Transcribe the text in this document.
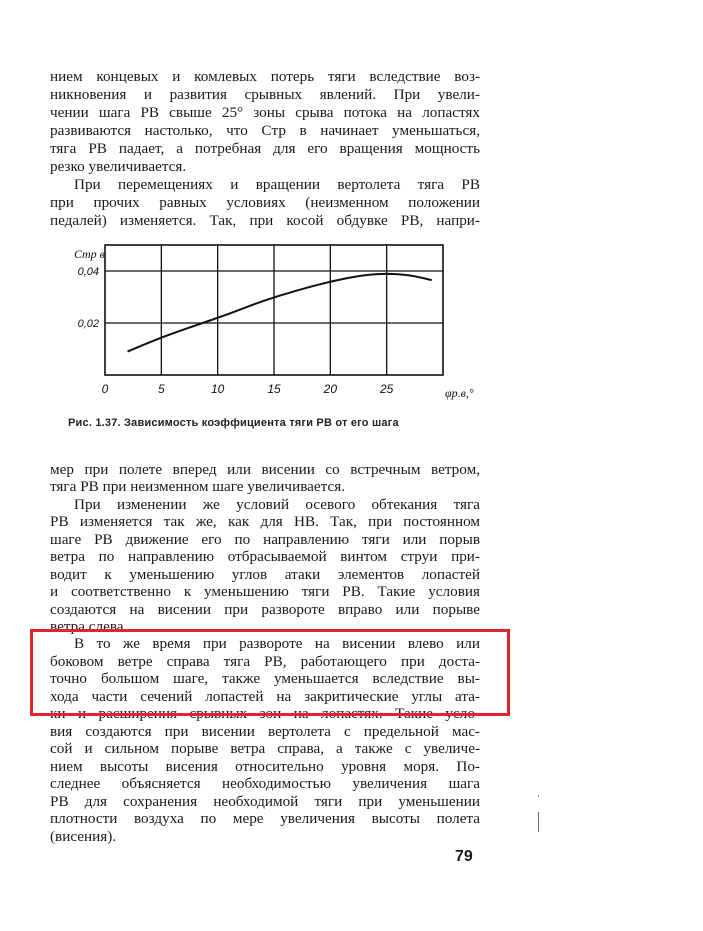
нием концевых и комлевых потерь тяги вследствие воз-
никновения и развития срывных явлений. При увели-
чении шага РВ свыше 25° зоны срыва потока на лопастях
развиваются настолько, что Cтр в начинает уменьшаться,
тяга РВ падает, а потребная для его вращения мощность
резко увеличивается.
При перемещениях и вращении вертолета тяга РВ
при прочих равных условиях (неизменном положении
педалей) изменяется. Так, при косой обдувке РВ, напри-
0	5	10	15	20	25
0,02
0,04
Cтр в
φр.в,°
Рис. 1.37. Зависимость коэффициента тяги РВ от его шага
мер при полете вперед или висении со встречным ветром,
тяга РВ при неизменном шаге увеличивается.
При изменении же условий осевого обтекания тяга
РВ изменяется так же, как для НВ. Так, при постоянном
шаге РВ движение его по направлению тяги или порыв
ветра по направлению отбрасываемой винтом струи при-
водит к уменьшению углов атаки элементов лопастей
и соответственно к уменьшению тяги РВ. Такие условия
создаются на висении при развороте вправо или порыве
ветра слева.
В то же время при развороте на висении влево или
боковом ветре справа тяга РВ, работающего при доста-
точно большом шаге, также уменьшается вследствие вы-
хода части сечений лопастей на закритические углы ата-
ки и расширения срывных зон на лопастях. Такие усло-
вия создаются при висении вертолета с предельной мас-
сой и сильном порыве ветра справа, а также с увеличе-
нием высоты висения относительно уровня моря. По-
следнее объясняется необходимостью увеличения шага
РВ для сохранения необходимой тяги при уменьшении
плотности воздуха по мере увеличения высоты полета
(висения).
79
